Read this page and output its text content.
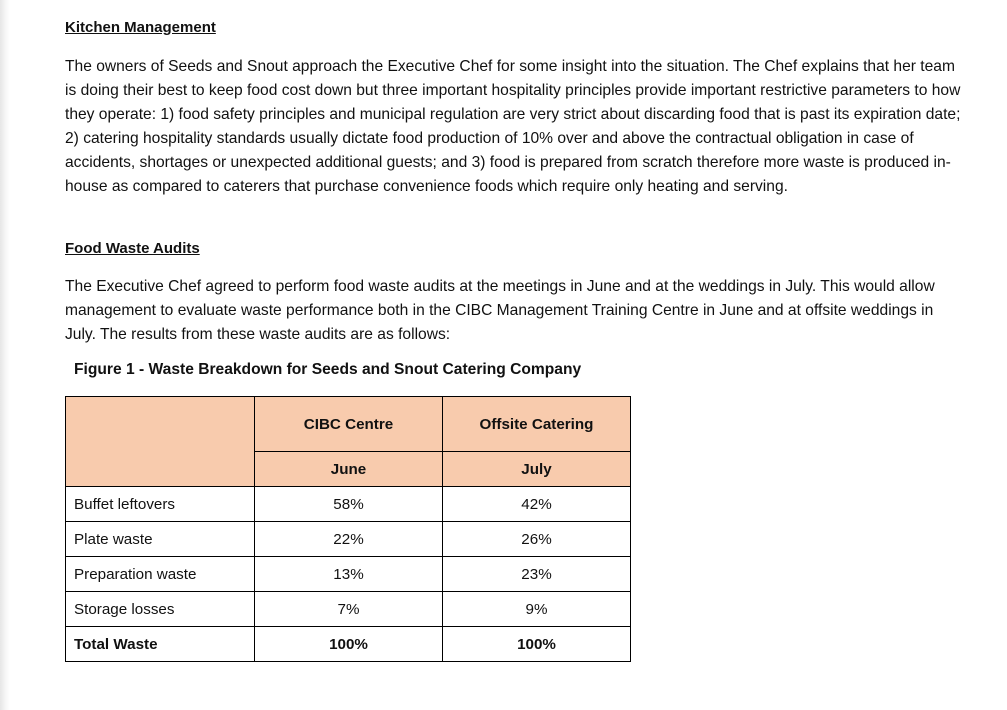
Kitchen Management

The owners of Seeds and Snout approach the Executive Chef for some insight into the situation. The Chef explains that her team is doing their best to keep food cost down but three important hospitality principles provide important restrictive parameters to how they operate: 1) food safety principles and municipal regulation are very strict about discarding food that is past its expiration date; 2) catering hospitality standards usually dictate food production of 10% over and above the contractual obligation in case of accidents, shortages or unexpected additional guests; and 3) food is prepared from scratch therefore more waste is produced in-house as compared to caterers that purchase convenience foods which require only heating and serving.

Food Waste Audits

The Executive Chef agreed to perform food waste audits at the meetings in June and at the weddings in July. This would allow management to evaluate waste performance both in the CIBC Management Training Centre in June and at offsite weddings in July. The results from these waste audits are as follows:

Figure 1 - Waste Breakdown for Seeds and Snout Catering Company
	CIBC Centre	Offsite Catering
	June	July
Buffet leftovers	58%	42%
Plate waste	22%	26%
Preparation waste	13%	23%
Storage losses	7%	9%
Total Waste	100%	100%
